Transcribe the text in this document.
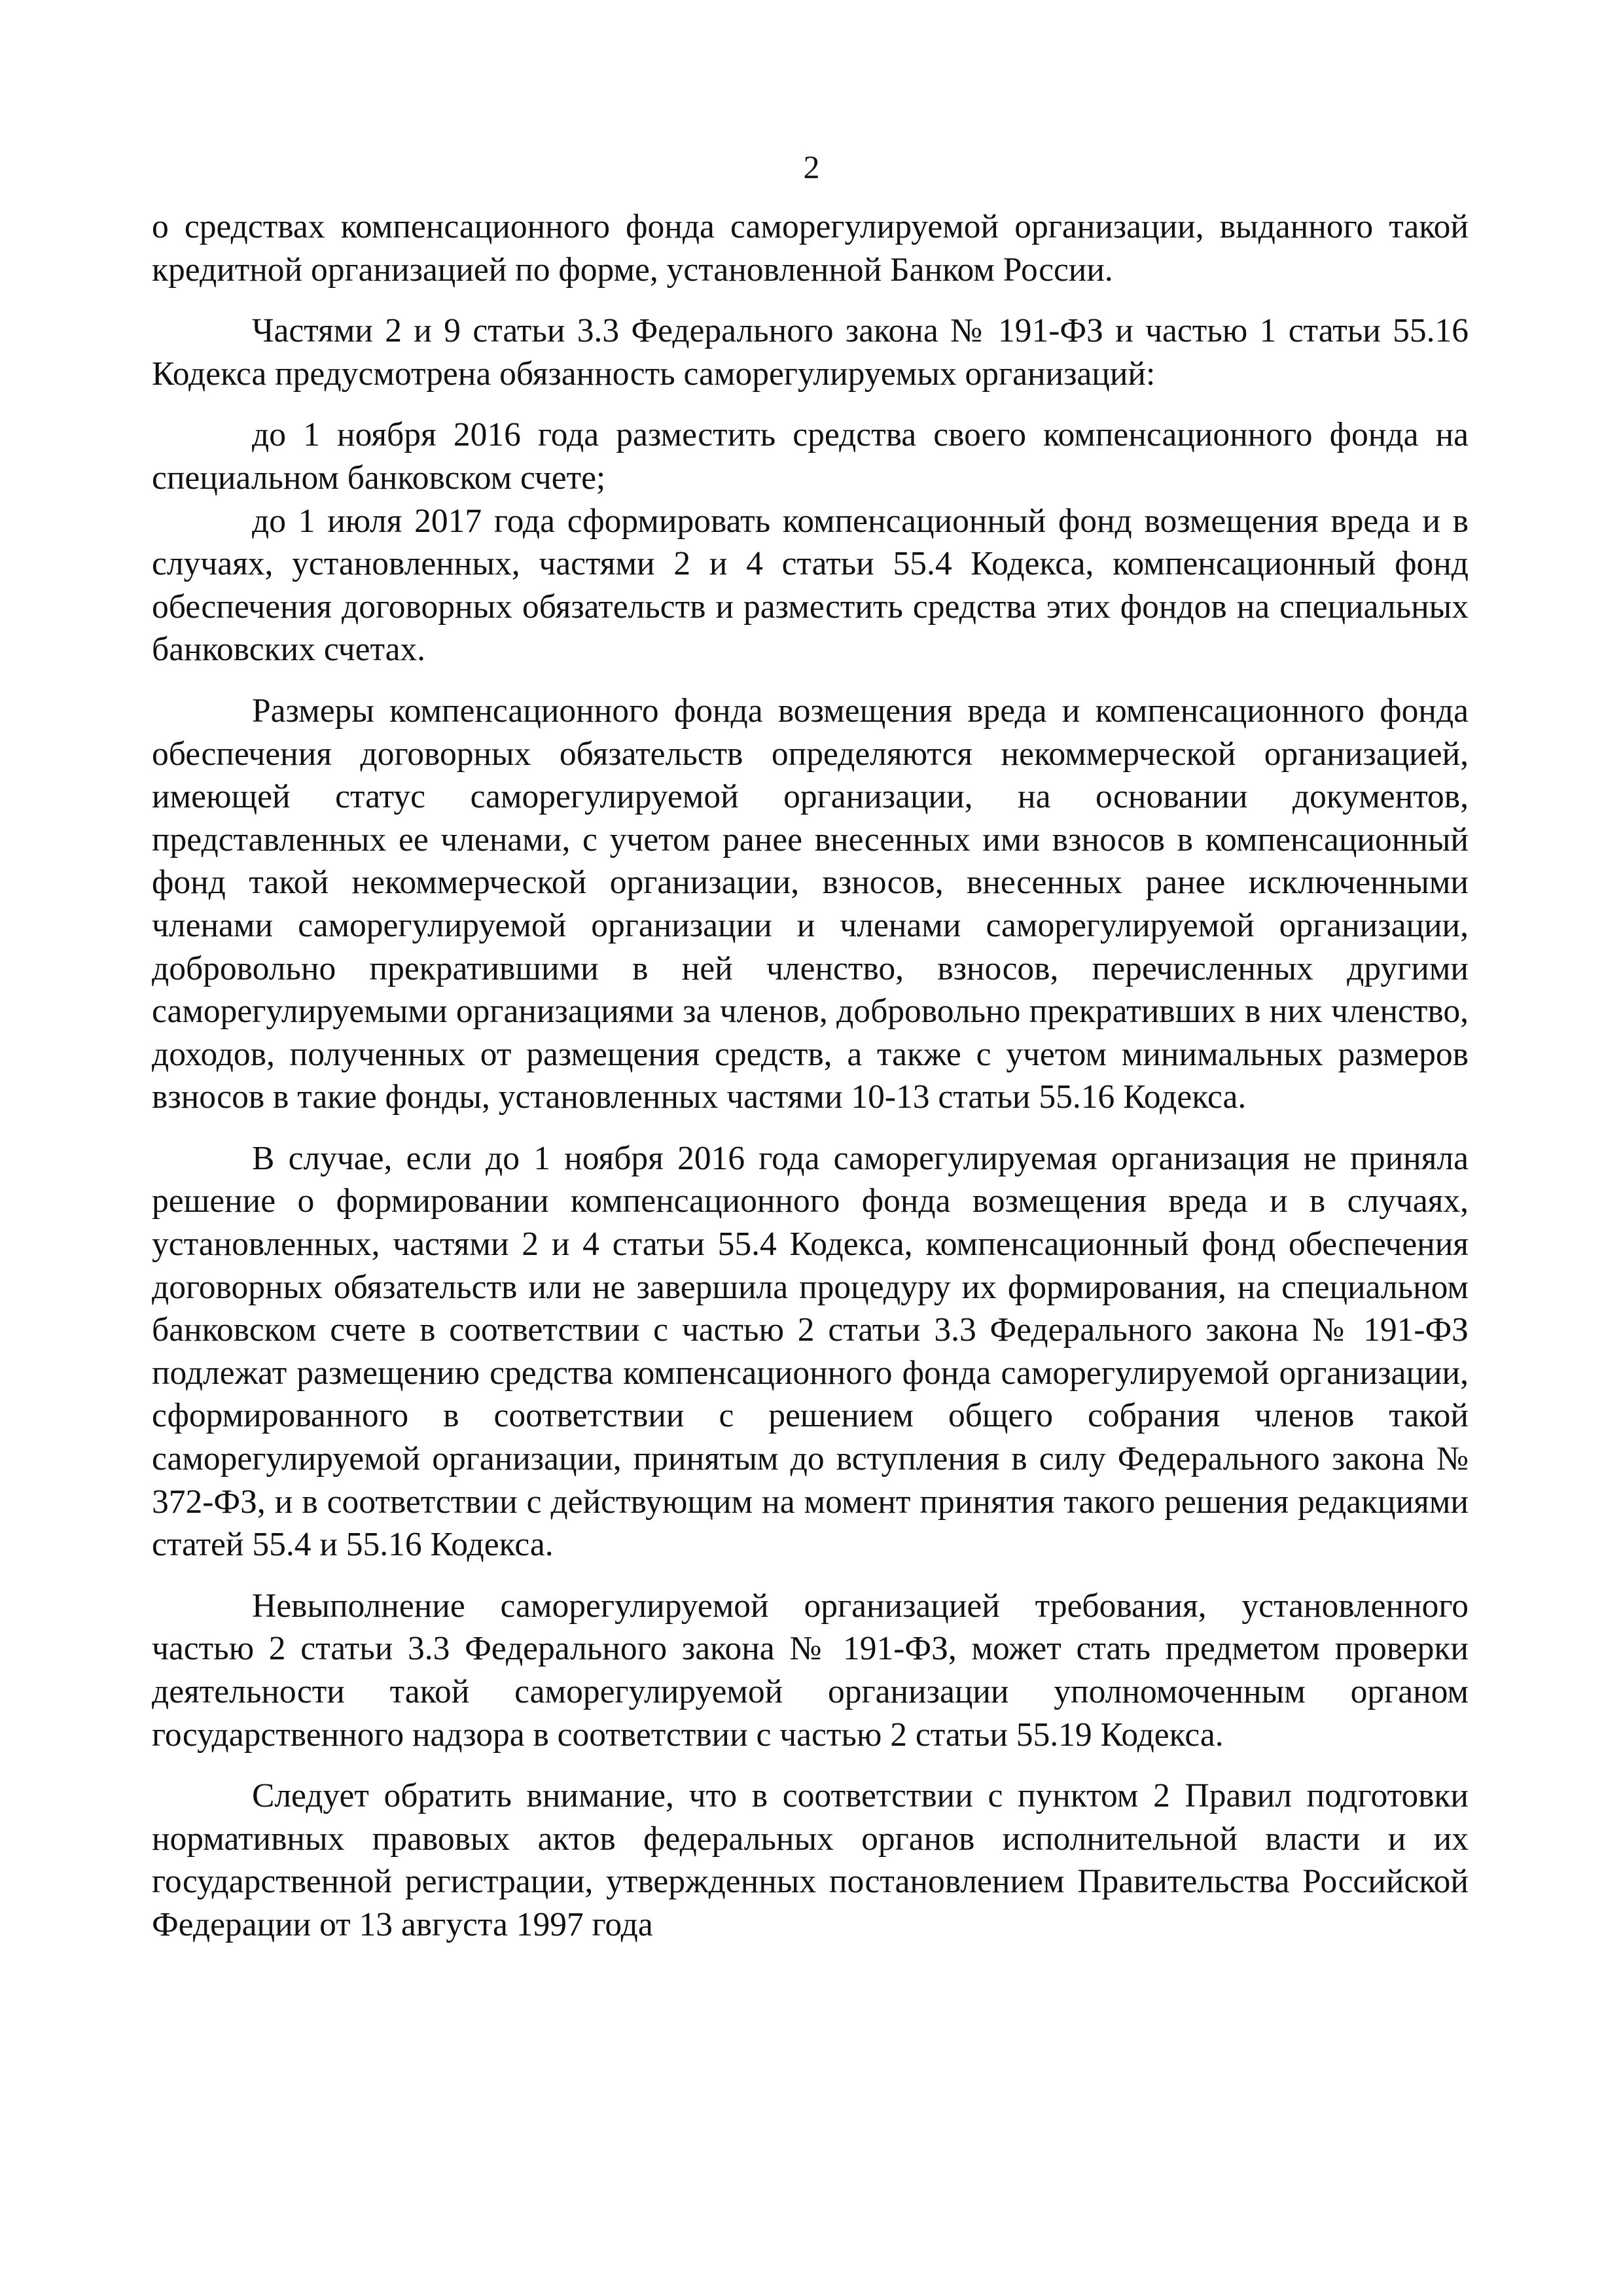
2

о средствах компенсационного фонда саморегулируемой организации, выданного такой кредитной организацией по форме, установленной Банком России.

Частями 2 и 9 статьи 3.3 Федерального закона № 191-ФЗ и частью 1 статьи 55.16 Кодекса предусмотрена обязанность саморегулируемых организаций:

до 1 ноября 2016 года разместить средства своего компенсационного фонда на специальном банковском счете;

до 1 июля 2017 года сформировать компенсационный фонд возмещения вреда и в случаях, установленных, частями 2 и 4 статьи 55.4 Кодекса, компенсационный фонд обеспечения договорных обязательств и разместить средства этих фондов на специальных банковских счетах.

Размеры компенсационного фонда возмещения вреда и компенсационного фонда обеспечения договорных обязательств определяются некоммерческой организацией, имеющей статус саморегулируемой организации, на основании документов, представленных ее членами, с учетом ранее внесенных ими взносов в компенсационный фонд такой некоммерческой организации, взносов, внесенных ранее исключенными членами саморегулируемой организации и членами саморегулируемой организации, добровольно прекратившими в ней членство, взносов, перечисленных другими саморегулируемыми организациями за членов, добровольно прекративших в них членство, доходов, полученных от размещения средств, а также с учетом минимальных размеров взносов в такие фонды, установленных частями 10-13 статьи 55.16 Кодекса.

В случае, если до 1 ноября 2016 года саморегулируемая организация не приняла решение о формировании компенсационного фонда возмещения вреда и в случаях, установленных, частями 2 и 4 статьи 55.4 Кодекса, компенсационный фонд обеспечения договорных обязательств или не завершила процедуру их формирования, на специальном банковском счете в соответствии с частью 2 статьи 3.3 Федерального закона № 191-ФЗ подлежат размещению средства компенсационного фонда саморегулируемой организации, сформированного в соответствии с решением общего собрания членов такой саморегулируемой организации, принятым до вступления в силу Федерального закона № 372-ФЗ, и в соответствии с действующим на момент принятия такого решения редакциями статей 55.4 и 55.16 Кодекса.

Невыполнение саморегулируемой организацией требования, установленного частью 2 статьи 3.3 Федерального закона № 191-ФЗ, может стать предметом проверки деятельности такой саморегулируемой организации уполномоченным органом государственного надзора в соответствии с частью 2 статьи 55.19 Кодекса.

Следует обратить внимание, что в соответствии с пунктом 2 Правил подготовки нормативных правовых актов федеральных органов исполнительной власти и их государственной регистрации, утвержденных постановлением Правительства Российской Федерации от 13 августа 1997 года
